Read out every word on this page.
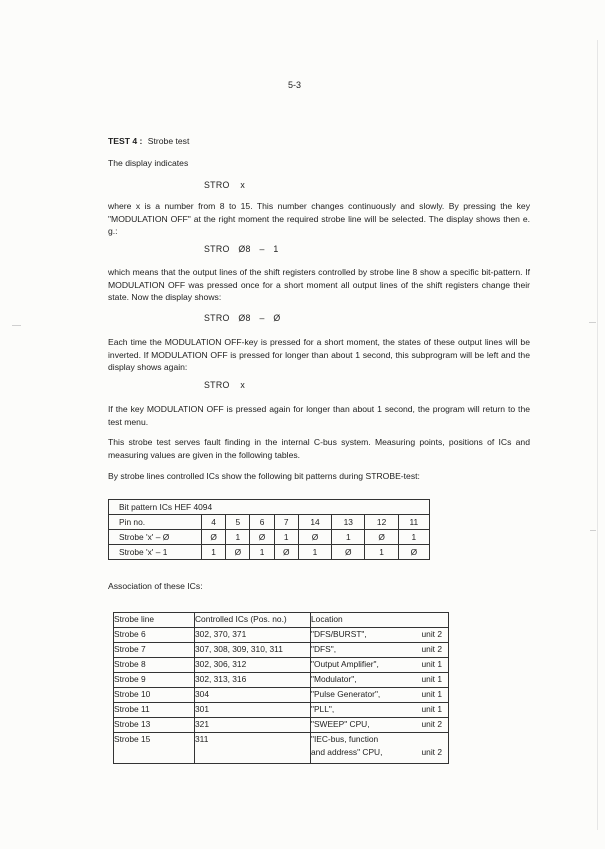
5-3
TEST 4 : Strobe test
The display indicates
STRO x
where x is a number from 8 to 15. This number changes continuously and slowly. By pressing the key "MODULATION OFF" at the right moment the required strobe line will be selected. The display shows then e. g.:
STRO Ø8 – 1
which means that the output lines of the shift registers controlled by strobe line 8 show a specific bit-pattern. If MODULATION OFF was pressed once for a short moment all output lines of the shift registers change their state. Now the display shows:
STRO Ø8 – Ø
Each time the MODULATION OFF-key is pressed for a short moment, the states of these output lines will be inverted. If MODULATION OFF is pressed for longer than about 1 second, this subprogram will be left and the display shows again:
STRO x
If the key MODULATION OFF is pressed again for longer than about 1 second, the program will return to the test menu.
This strobe test serves fault finding in the internal C-bus system. Measuring points, positions of ICs and measuring values are given in the following tables.
By strobe lines controlled ICs show the following bit patterns during STROBE-test:
Bit pattern ICs HEF 4094								
Pin no.	4	5	6	7	14	13	12	11
Strobe 'x' – Ø	Ø	1	Ø	1	Ø	1	Ø	1
Strobe 'x' – 1	1	Ø	1	Ø	1	Ø	1	Ø
Association of these ICs:
Strobe line	Controlled ICs (Pos. no.)	Location
Strobe 6	302, 370, 371	"DFS/BURST", unit 2

Strobe 7	307, 308, 309, 310, 311	"DFS", unit 2

Strobe 8	302, 306, 312	"Output Amplifier", unit 1

Strobe 9	302, 313, 316	"Modulator", unit 1

Strobe 10	304	"Pulse Generator", unit 1

Strobe 11	301	"PLL", unit 1

Strobe 13	321	"SWEEP" CPU, unit 2

Strobe 15	311	"IEC-bus, function
and address" CPU, unit 2
